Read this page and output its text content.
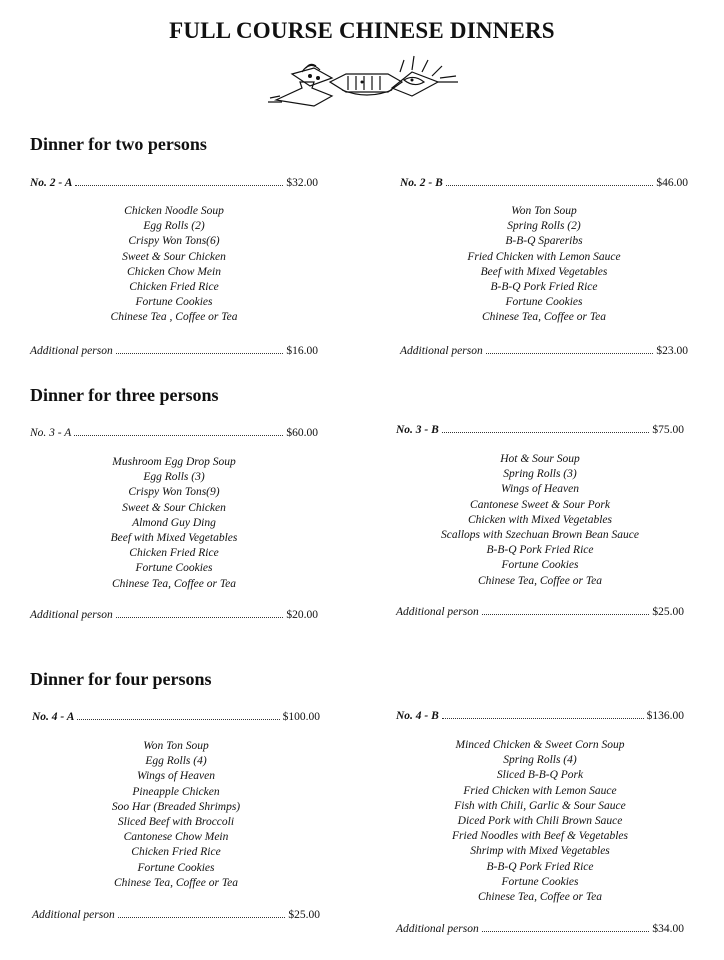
FULL COURSE CHINESE DINNERS
Dinner for two persons
No. 2 - A	$32.00
Chicken Noodle Soup
Egg Rolls (2)
Crispy Won Tons(6)
Sweet & Sour Chicken
Chicken Chow Mein
Chicken Fried Rice
Fortune Cookies
Chinese Tea , Coffee or Tea
Additional person	$16.00
No. 2 - B	$46.00
Won Ton Soup
Spring Rolls (2)
B-B-Q Spareribs
Fried Chicken with Lemon Sauce
Beef with Mixed Vegetables
B-B-Q Pork Fried Rice
Fortune Cookies
Chinese Tea, Coffee or Tea
Additional person	$23.00
Dinner for three persons
No. 3 - A	$60.00
Mushroom Egg Drop Soup
Egg Rolls (3)
Crispy Won Tons(9)
Sweet & Sour Chicken
Almond Guy Ding
Beef with Mixed Vegetables
Chicken Fried Rice
Fortune Cookies
Chinese Tea, Coffee or Tea
Additional person	$20.00
No. 3 - B	$75.00
Hot & Sour Soup
Spring Rolls (3)
Wings of Heaven
Cantonese Sweet & Sour Pork
Chicken with Mixed Vegetables
Scallops with Szechuan Brown Bean Sauce
B-B-Q Pork Fried Rice
Fortune Cookies
Chinese Tea, Coffee or Tea
Additional person	$25.00
Dinner for four persons
No. 4 - A	$100.00
Won Ton Soup
Egg Rolls (4)
Wings of Heaven
Pineapple Chicken
Soo Har (Breaded Shrimps)
Sliced Beef with Broccoli
Cantonese Chow Mein
Chicken Fried Rice
Fortune Cookies
Chinese Tea, Coffee or Tea
Additional person	$25.00
No. 4 - B	$136.00
Minced Chicken & Sweet Corn Soup
Spring Rolls (4)
Sliced B-B-Q Pork
Fried Chicken with Lemon Sauce
Fish with Chili, Garlic & Sour Sauce
Diced Pork with Chili Brown Sauce
Fried Noodles with Beef & Vegetables
Shrimp with Mixed Vegetables
B-B-Q Pork Fried Rice
Fortune Cookies
Chinese Tea, Coffee or Tea
Additional person	$34.00
